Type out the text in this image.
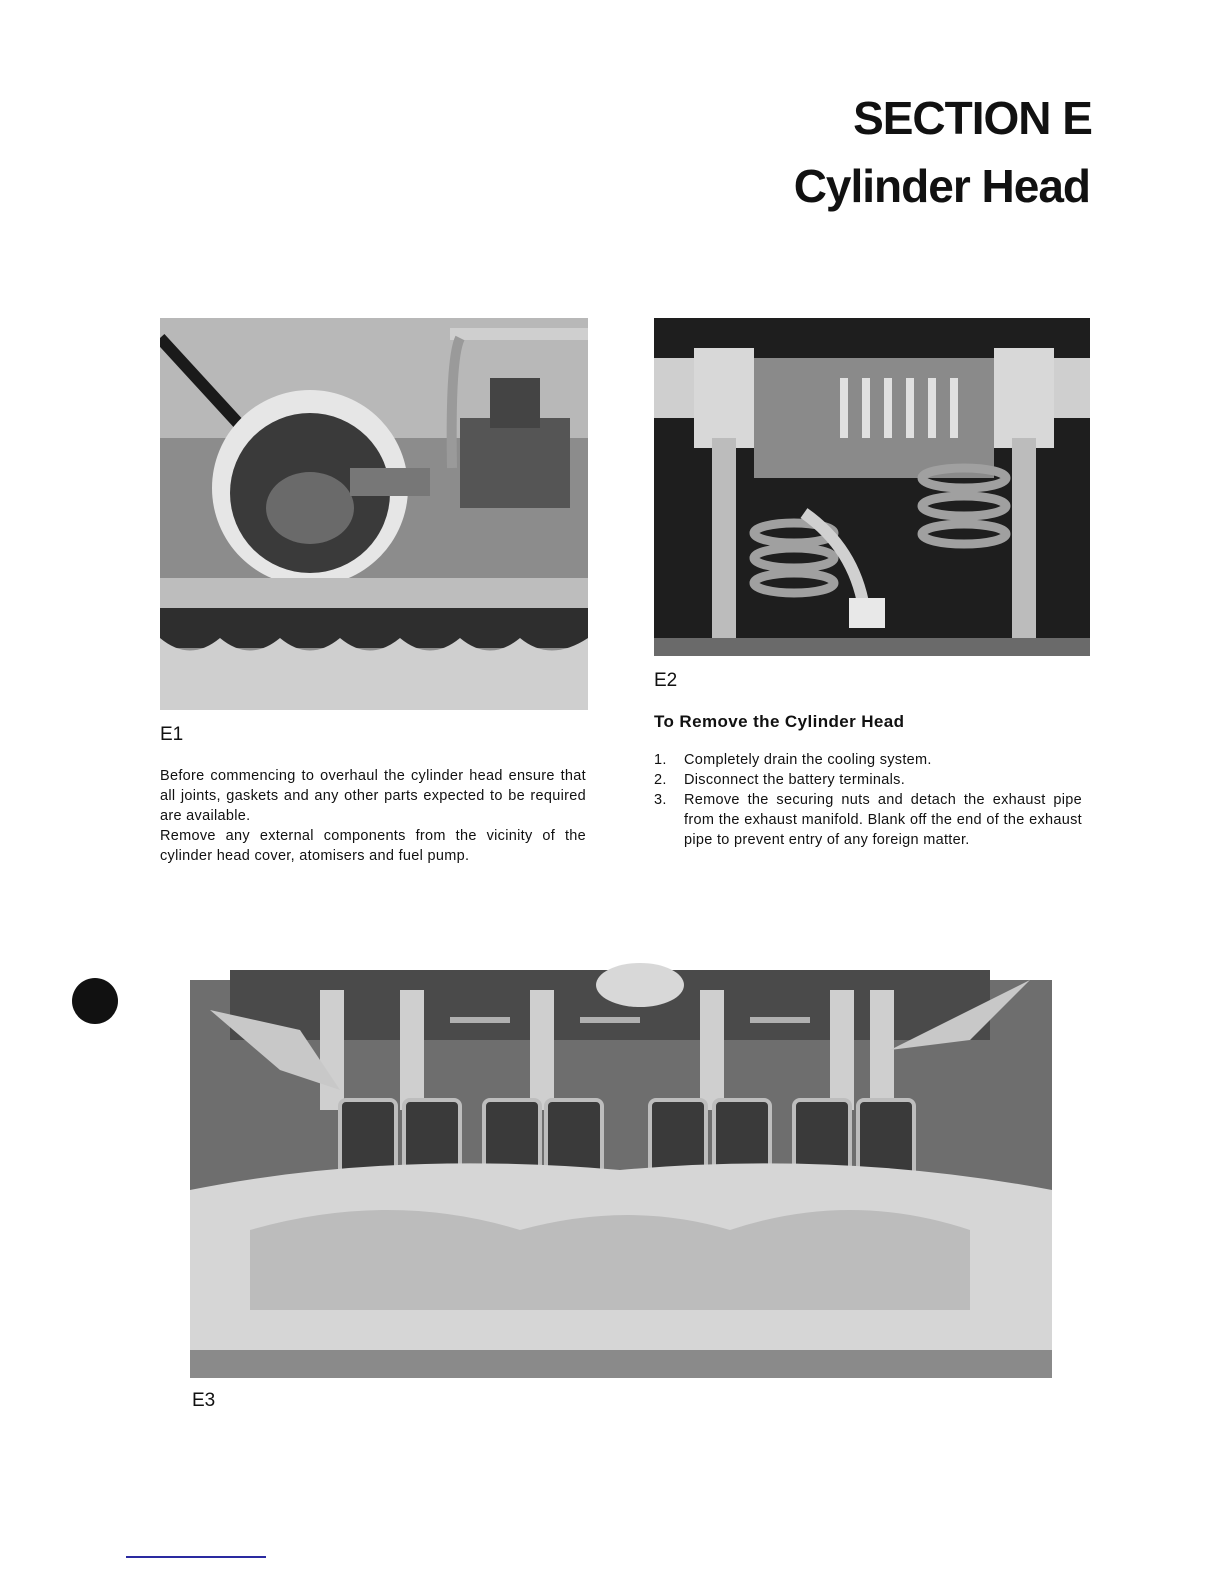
SECTION E
Cylinder Head
E1
E2

Before commencing to overhaul the cylinder head ensure that all joints, gaskets and any other parts expected to be required are available.

Remove any external components from the vicinity of the cylinder head cover, atomisers and fuel pump.

To Remove the Cylinder Head
1. Completely drain the cooling system.
2. Disconnect the battery terminals.
3. Remove the securing nuts and detach the exhaust pipe from the exhaust manifold. Blank off the end of the exhaust pipe to prevent entry of any foreign matter.
E3
